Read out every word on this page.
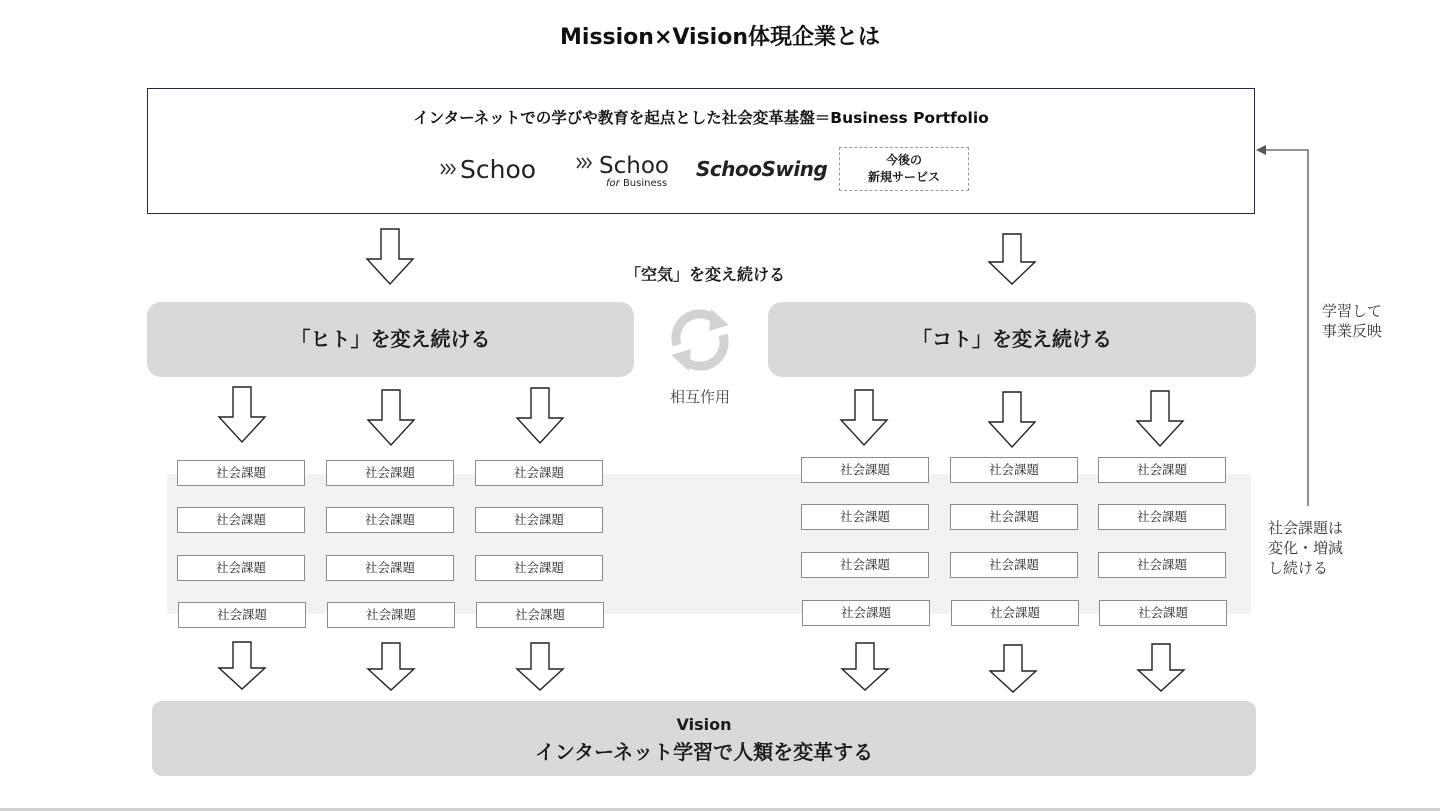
Mission×Vision体現企業とは
インターネットでの学びや教育を起点とした社会変革基盤＝Business Portfolio
Schoo	Schoo
for Business
SchooSwing	今後の
新規サービス
「空気」を変え続ける
「ヒト」を変え続ける	「コト」を変え続ける
相互作用
社会課題	社会課題	社会課題
社会課題	社会課題	社会課題
社会課題	社会課題	社会課題
社会課題	社会課題	社会課題
社会課題	社会課題	社会課題
社会課題	社会課題	社会課題
社会課題	社会課題	社会課題
社会課題	社会課題	社会課題
Vision
インターネット学習で人類を変革する
学習して
事業反映
社会課題は
変化・増減
し続ける
